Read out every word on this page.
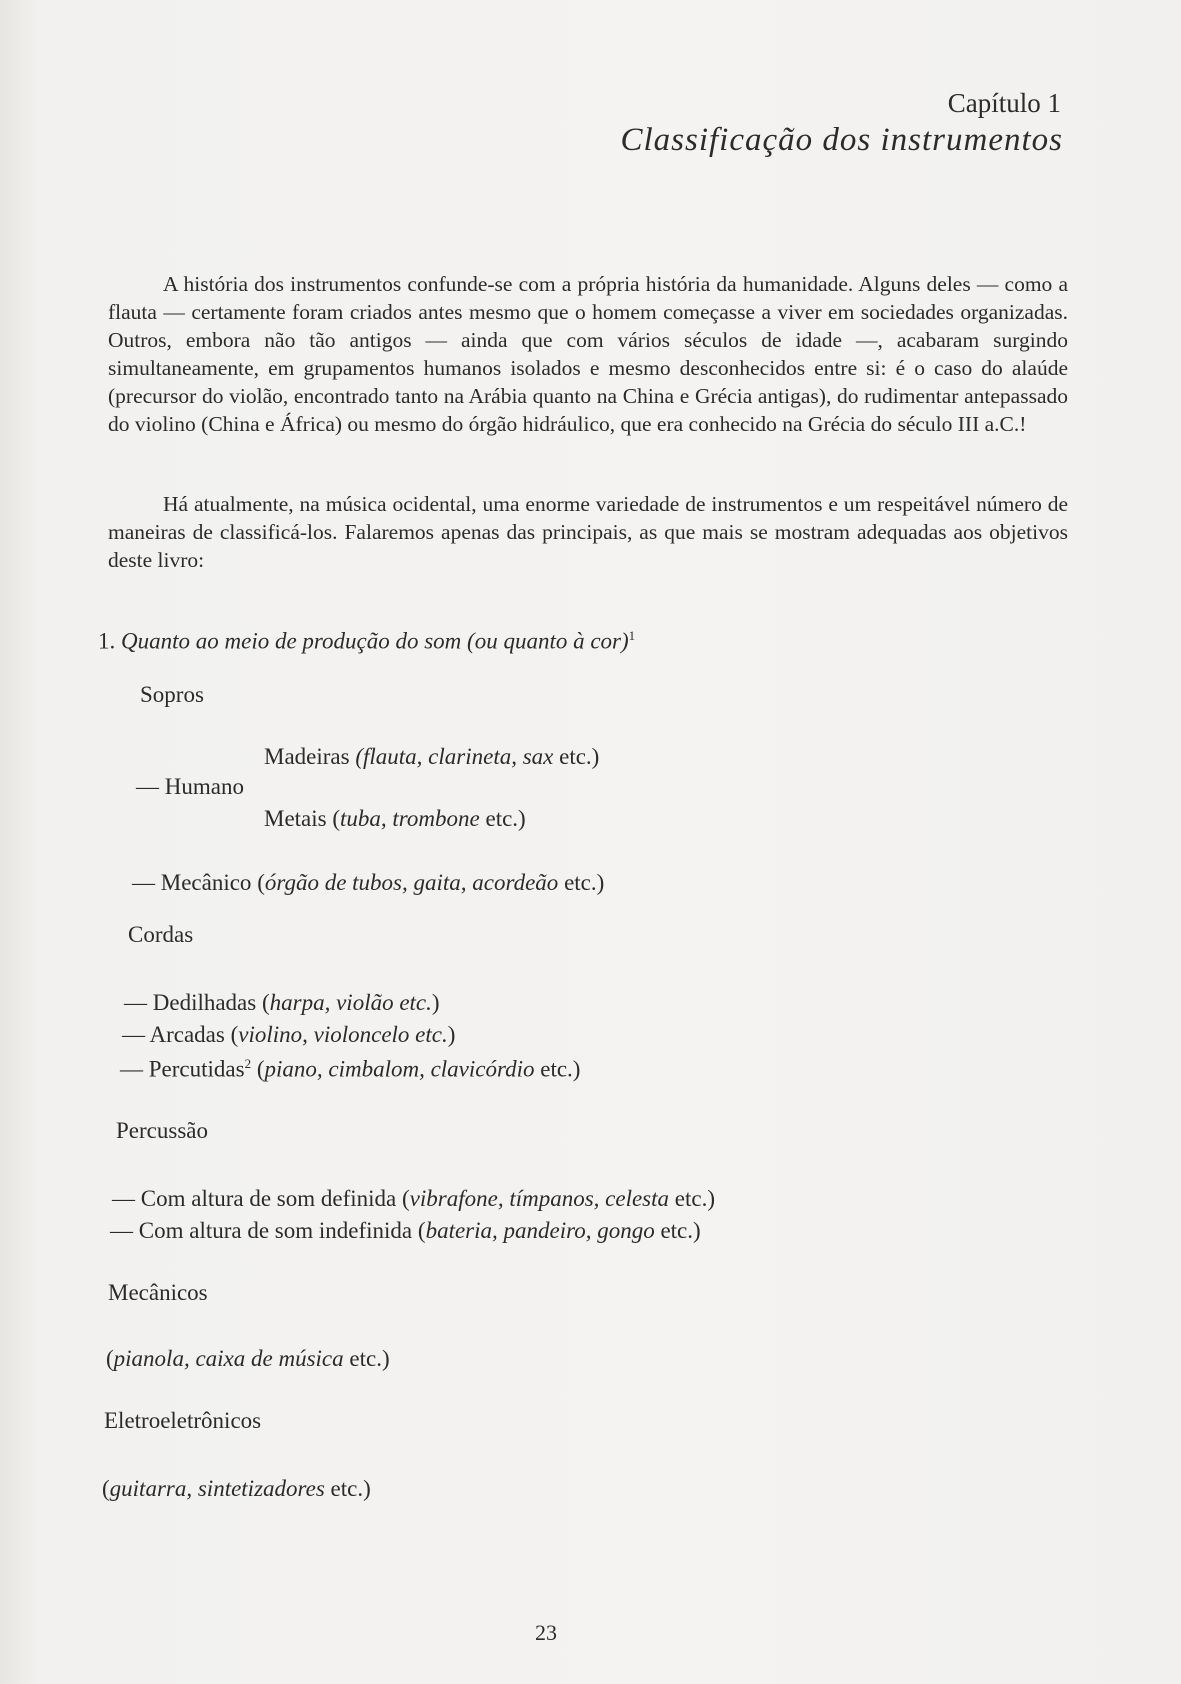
Capítulo 1
Classificação dos instrumentos

A história dos instrumentos confunde-se com a própria história da humanidade. Alguns deles — como a flauta — certamente foram criados antes mesmo que o homem começasse a viver em sociedades organizadas. Outros, embora não tão antigos — ainda que com vários séculos de idade —, acabaram surgindo simultaneamente, em grupamentos humanos isolados e mesmo desconhecidos entre si: é o caso do alaúde (precursor do violão, encontrado tanto na Arábia quanto na China e Grécia antigas), do rudimentar antepassado do violino (China e África) ou mesmo do órgão hidráulico, que era conhecido na Grécia do século III a.C.!

Há atualmente, na música ocidental, uma enorme variedade de instrumentos e um respeitável número de maneiras de classificá-los. Falaremos apenas das principais, as que mais se mostram adequadas aos objetivos deste livro:

1. Quanto ao meio de produção do som (ou quanto à cor)$^1$
Sopros
Madeiras (flauta, clarineta, sax etc.)
— Humano
Metais (tuba, trombone etc.)
— Mecânico (órgão de tubos, gaita, acordeão etc.)
Cordas
— Dedilhadas (harpa, violão etc.)
— Arcadas (violino, violoncelo etc.)
— Percutidas$^2$ (piano, cimbalom, clavicórdio etc.)
Percussão
— Com altura de som definida (vibrafone, tímpanos, celesta etc.)
— Com altura de som indefinida (bateria, pandeiro, gongo etc.)
Mecânicos
(pianola, caixa de música etc.)
Eletroeletrônicos
(guitarra, sintetizadores etc.)
23
